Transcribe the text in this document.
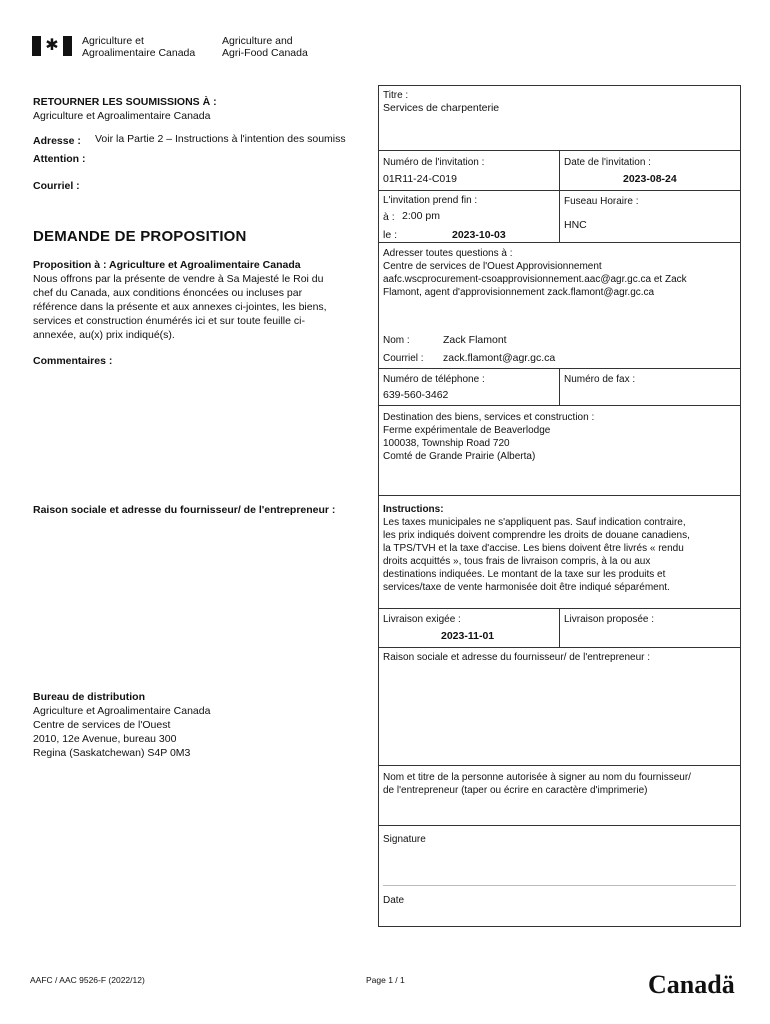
✱ Agriculture et
Agroalimentaire Canada
Agriculture and
Agri-Food Canada
RETOURNER LES SOUMISSIONS À :
Agriculture et Agroalimentaire Canada
Adresse : Voir la Partie 2 – Instructions à l'intention des soumiss
Attention :
Courriel :
DEMANDE DE PROPOSITION
Proposition à : Agriculture et Agroalimentaire Canada
Nous offrons par la présente de vendre à Sa Majesté le Roi du
chef du Canada, aux conditions énoncées ou incluses par
référence dans la présente et aux annexes ci-jointes, les biens,
services et construction énumérés ici et sur toute feuille ci-
annexée, au(x) prix indiqué(s).
Commentaires :
Raison sociale et adresse du fournisseur/ de l'entrepreneur :
Bureau de distribution
Agriculture et Agroalimentaire Canada
Centre de services de l'Ouest
2010, 12e Avenue, bureau 300
Regina (Saskatchewan) S4P 0M3
Titre :
Services de charpenterie
Numéro de l'invitation :
01R11-24-C019
Date de l'invitation :
2023-08-24
L'invitation prend fin :
à : 2:00 pm
le :	2023-10-03
Fuseau Horaire :
HNC
Adresser toutes questions à :
Centre de services de l'Ouest Approvisionnement
aafc.wscprocurement-csoapprovisionnement.aac@agr.gc.ca et Zack
Flamont, agent d'approvisionnement zack.flamont@agr.gc.ca
Nom :	Zack Flamont
Courriel : zack.flamont@agr.gc.ca
Numéro de téléphone :
639-560-3462
Numéro de fax :
Destination des biens, services et construction :
Ferme expérimentale de Beaverlodge
100038, Township Road 720
Comté de Grande Prairie (Alberta)
Instructions:
Les taxes municipales ne s'appliquent pas. Sauf indication contraire,
les prix indiqués doivent comprendre les droits de douane canadiens,
la TPS/TVH et la taxe d'accise. Les biens doivent être livrés « rendu
droits acquittés », tous frais de livraison compris, à la ou aux
destinations indiquées. Le montant de la taxe sur les produits et
services/taxe de vente harmonisée doit être indiqué séparément.
Livraison exigée :
2023-11-01
Livraison proposée :
Raison sociale et adresse du fournisseur/ de l'entrepreneur :
Nom et titre de la personne autorisée à signer au nom du fournisseur/
de l'entrepreneur (taper ou écrire en caractère d'imprimerie)
Signature
Date
AAFC / AAC 9526-F (2022/12)	Page 1 / 1	Canadä
